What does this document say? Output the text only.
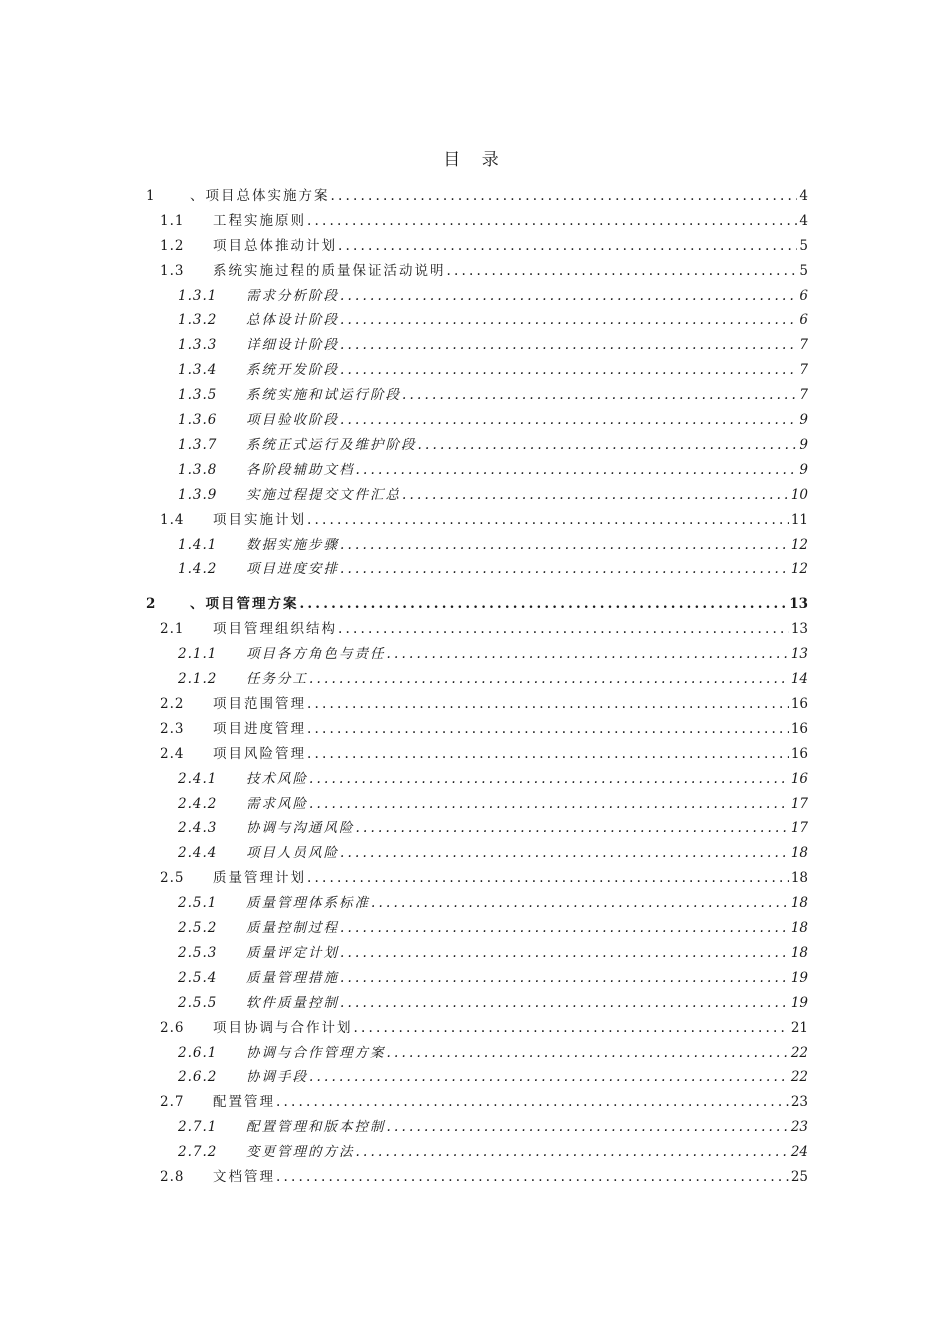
目 录
1	、项目总体实施方案 .....	4
1.1 工程实施原则 .....	4
1.2 项目总体推动计划 .....	5
1.3 系统实施过程的质量保证活动说明 .....	5
1.3.1 需求分析阶段 .....	6
1.3.2 总体设计阶段 .....	6
1.3.3 详细设计阶段 .....	7
1.3.4 系统开发阶段 .....	7
1.3.5 系统实施和试运行阶段 .....	7
1.3.6 项目验收阶段 .....	9
1.3.7 系统正式运行及维护阶段 .....	9
1.3.8 各阶段辅助文档 .....	9
1.3.9 实施过程提交文件汇总 .....	10
1.4 项目实施计划 .....	11
1.4.1 数据实施步骤 .....	12
1.4.2 项目进度安排 .....	12
2	、项目管理方案 .....	13
2.1 项目管理组织结构 .....	13
2.1.1 项目各方角色与责任 .....	13
2.1.2 任务分工 .....	14
2.2 项目范围管理 .....	16
2.3 项目进度管理 .....	16
2.4 项目风险管理 .....	16
2.4.1 技术风险 .....	16
2.4.2 需求风险 .....	17
2.4.3 协调与沟通风险 .....	17
2.4.4 项目人员风险 .....	18
2.5 质量管理计划 .....	18
2.5.1 质量管理体系标准 .....	18
2.5.2 质量控制过程 .....	18
2.5.3 质量评定计划 .....	18
2.5.4 质量管理措施 .....	19
2.5.5 软件质量控制 .....	19
2.6 项目协调与合作计划 .....	21
2.6.1 协调与合作管理方案 .....	22
2.6.2 协调手段 .....	22
2.7 配置管理 .....	23
2.7.1 配置管理和版本控制 .....	23
2.7.2 变更管理的方法 .....	24
2.8 文档管理 .....	25
